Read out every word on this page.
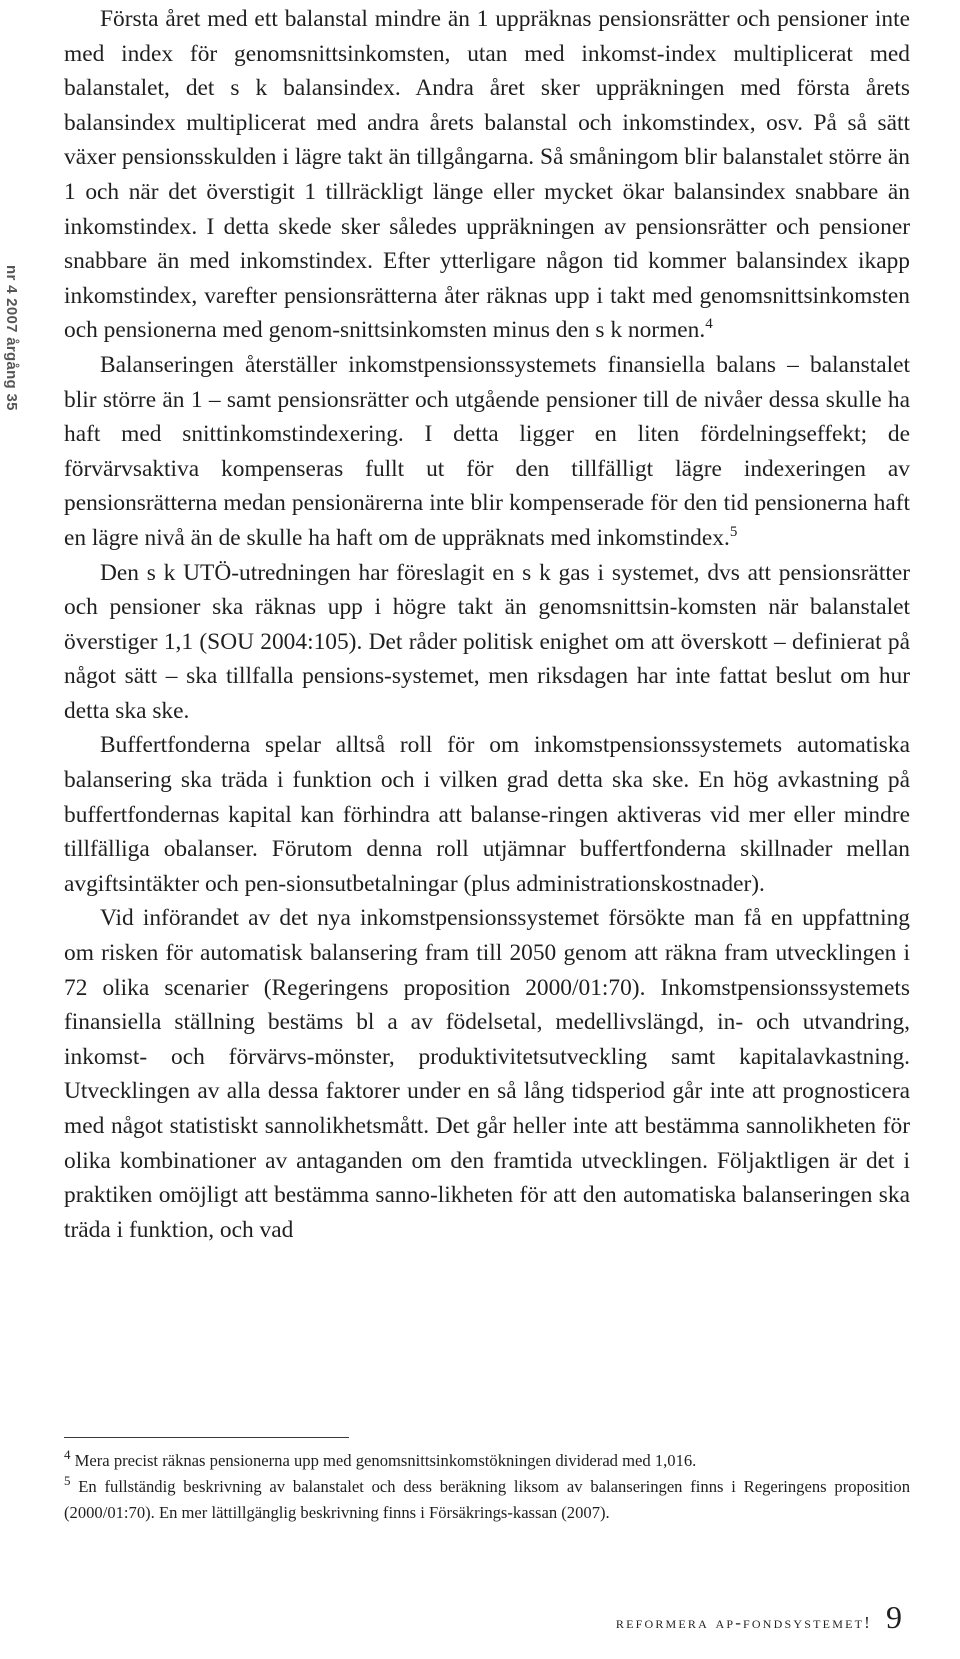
nr 4 2007 årgång 35

Första året med ett balanstal mindre än 1 uppräknas pensionsrätter och pensioner inte med index för genomsnittsinkomsten, utan med inkomst-index multiplicerat med balanstalet, det s k balansindex. Andra året sker uppräkningen med första årets balansindex multiplicerat med andra årets balanstal och inkomstindex, osv. På så sätt växer pensionsskulden i lägre takt än tillgångarna. Så småningom blir balanstalet större än 1 och när det överstigit 1 tillräckligt länge eller mycket ökar balansindex snabbare än inkomstindex. I detta skede sker således uppräkningen av pensionsrätter och pensioner snabbare än med inkomstindex. Efter ytterligare någon tid kommer balansindex ikapp inkomstindex, varefter pensionsrätterna åter räknas upp i takt med genomsnittsinkomsten och pensionerna med genom-snittsinkomsten minus den s k normen.$^4$

Balanseringen återställer inkomstpensionssystemets finansiella balans – balanstalet blir större än 1 – samt pensionsrätter och utgående pensioner till de nivåer dessa skulle ha haft med snittinkomstindexering. I detta ligger en liten fördelningseffekt; de förvärvsaktiva kompenseras fullt ut för den tillfälligt lägre indexeringen av pensionsrätterna medan pensionärerna inte blir kompenserade för den tid pensionerna haft en lägre nivå än de skulle ha haft om de uppräknats med inkomstindex.$^5$

Den s k UTÖ-utredningen har föreslagit en s k gas i systemet, dvs att pensionsrätter och pensioner ska räknas upp i högre takt än genomsnittsin-komsten när balanstalet överstiger 1,1 (SOU 2004:105). Det råder politisk enighet om att överskott – definierat på något sätt – ska tillfalla pensions-systemet, men riksdagen har inte fattat beslut om hur detta ska ske.

Buffertfonderna spelar alltså roll för om inkomstpensionssystemets automatiska balansering ska träda i funktion och i vilken grad detta ska ske. En hög avkastning på buffertfondernas kapital kan förhindra att balanse-ringen aktiveras vid mer eller mindre tillfälliga obalanser. Förutom denna roll utjämnar buffertfonderna skillnader mellan avgiftsintäkter och pen-sionsutbetalningar (plus administrationskostnader).

Vid införandet av det nya inkomstpensionssystemet försökte man få en uppfattning om risken för automatisk balansering fram till 2050 genom att räkna fram utvecklingen i 72 olika scenarier (Regeringens proposition 2000/01:70). Inkomstpensionssystemets finansiella ställning bestäms bl a av födelsetal, medellivslängd, in- och utvandring, inkomst- och förvärvs-mönster, produktivitetsutveckling samt kapitalavkastning. Utvecklingen av alla dessa faktorer under en så lång tidsperiod går inte att prognosticera med något statistiskt sannolikhetsmått. Det går heller inte att bestämma sannolikheten för olika kombinationer av antaganden om den framtida utvecklingen. Följaktligen är det i praktiken omöjligt att bestämma sanno-likheten för att den automatiska balanseringen ska träda i funktion, och vad

$^4$ Mera precist räknas pensionerna upp med genomsnittsinkomstökningen dividerad med 1,016.

$^5$ En fullständig beskrivning av balanstalet och dess beräkning liksom av balanseringen finns i Regeringens proposition (2000/01:70). En mer lättillgänglig beskrivning finns i Försäkrings-kassan (2007).

reformera ap-fondsystemet! 9
